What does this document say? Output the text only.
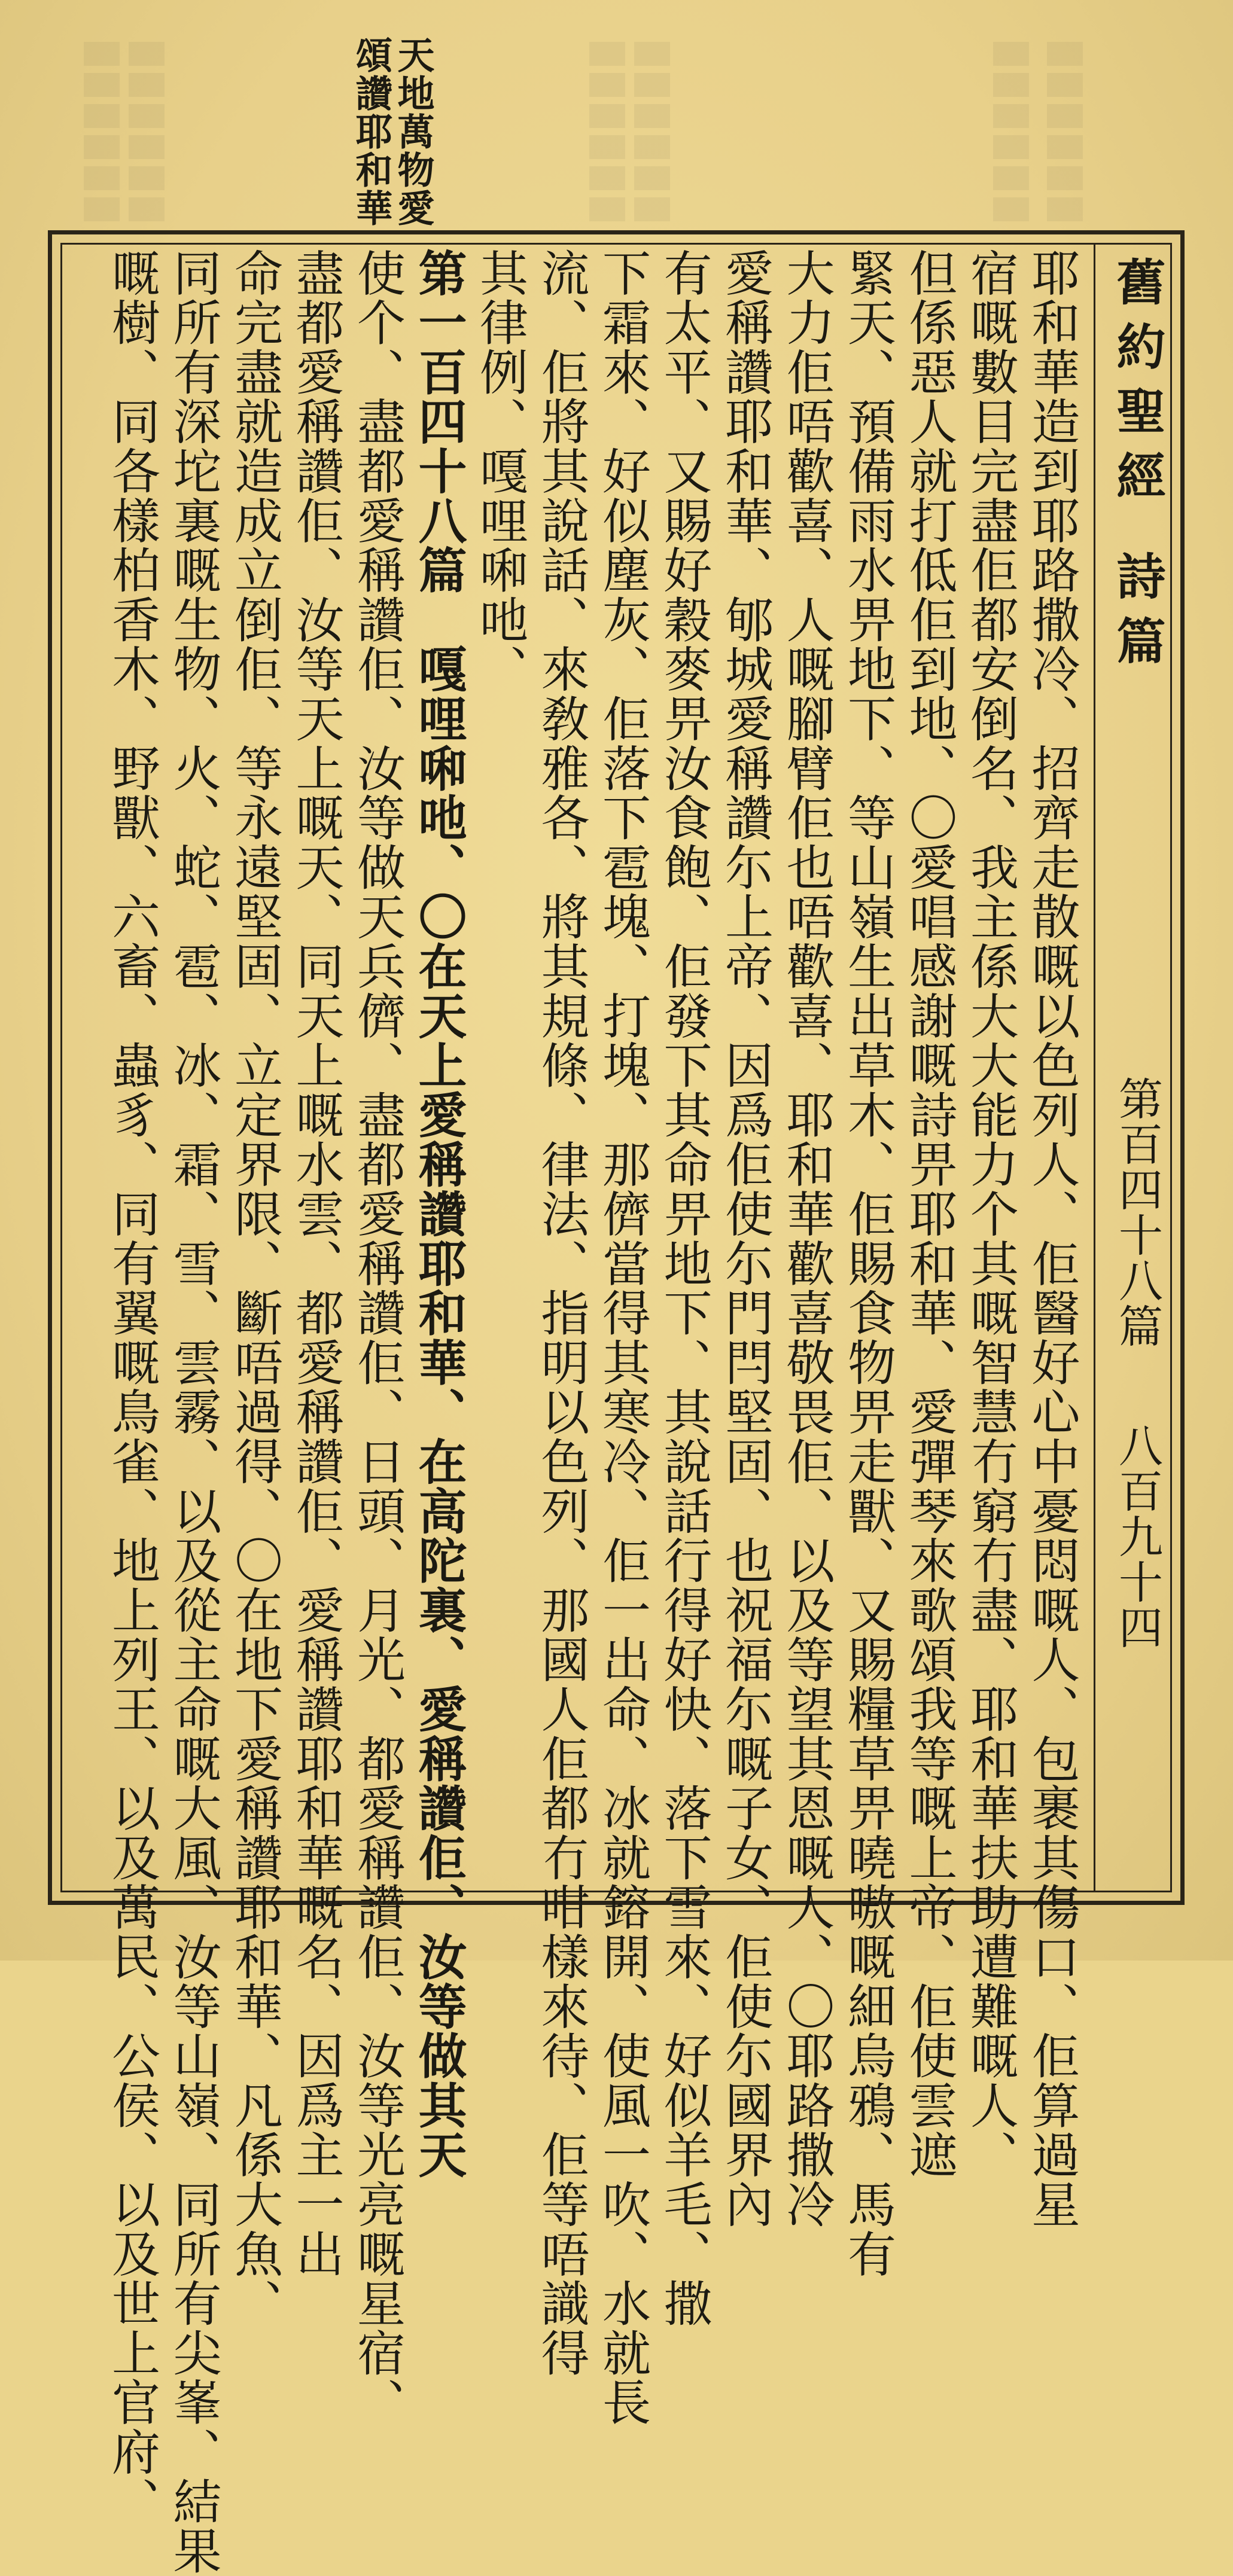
天地萬物愛
頌讚耶和華
舊約聖經詩篇
第百四十八篇
八百九十四
耶和華造到耶路撒冷、招齊走散嘅以色列人、佢醫好心中憂悶嘅人、包裹其傷口、佢算過星
宿嘅數目完盡佢都安倒名、我主係大大能力个其嘅智慧冇窮冇盡、耶和華扶助遭難嘅人、
但係惡人就打低佢到地、〇愛唱感謝嘅詩畀耶和華、愛彈琴來歌頌我等嘅上帝、佢使雲遮
緊天、預備雨水畀地下、等山嶺生出草木、佢賜食物畀走獸、又賜糧草畀曉嗷嘅細烏鴉、馬有
大力佢唔歡喜、人嘅腳臂佢也唔歡喜、耶和華歡喜敬畏佢、以及等望其恩嘅人、〇耶路撒冷
愛稱讚耶和華、郇城愛稱讚尓上帝、因爲佢使尓門閂堅固、也祝福尓嘅子女、佢使尓國界內
有太平、又賜好穀麥畀汝食飽、佢發下其命畀地下、其說話行得好快、落下雪來、好似羊毛、撒
下霜來、好似塵灰、佢落下雹塊、打塊、那儕當得其寒冷、佢一出命、冰就鎔開、使風一吹、水就長
流、佢將其說話、來敎雅各、將其規條、律法、指明以色列、那國人佢都冇咁樣來待、佢等唔識得
其律例、嘎哩啝吔、
第一百四十八篇　嘎哩啝吔、〇在天上愛稱讚耶和華、在高陀裏、愛稱讚佢、汝等做其天
使个、盡都愛稱讚佢、汝等做天兵儕、盡都愛稱讚佢、日頭、月光、都愛稱讚佢、汝等光亮嘅星宿、
盡都愛稱讚佢、汝等天上嘅天、同天上嘅水雲、都愛稱讚佢、愛稱讚耶和華嘅名、因爲主一出
命完盡就造成立倒佢、等永遠堅固、立定界限、斷唔過得、〇在地下愛稱讚耶和華、凡係大魚、
同所有深坨裏嘅生物、火、蛇、雹、冰、霜、雪、雲霧、以及從主命嘅大風、汝等山嶺、同所有尖峯、結果
嘅樹、同各樣柏香木、野獸、六畜、蟲豸、同有翼嘅鳥雀、地上列王、以及萬民、公侯、以及世上官府、
